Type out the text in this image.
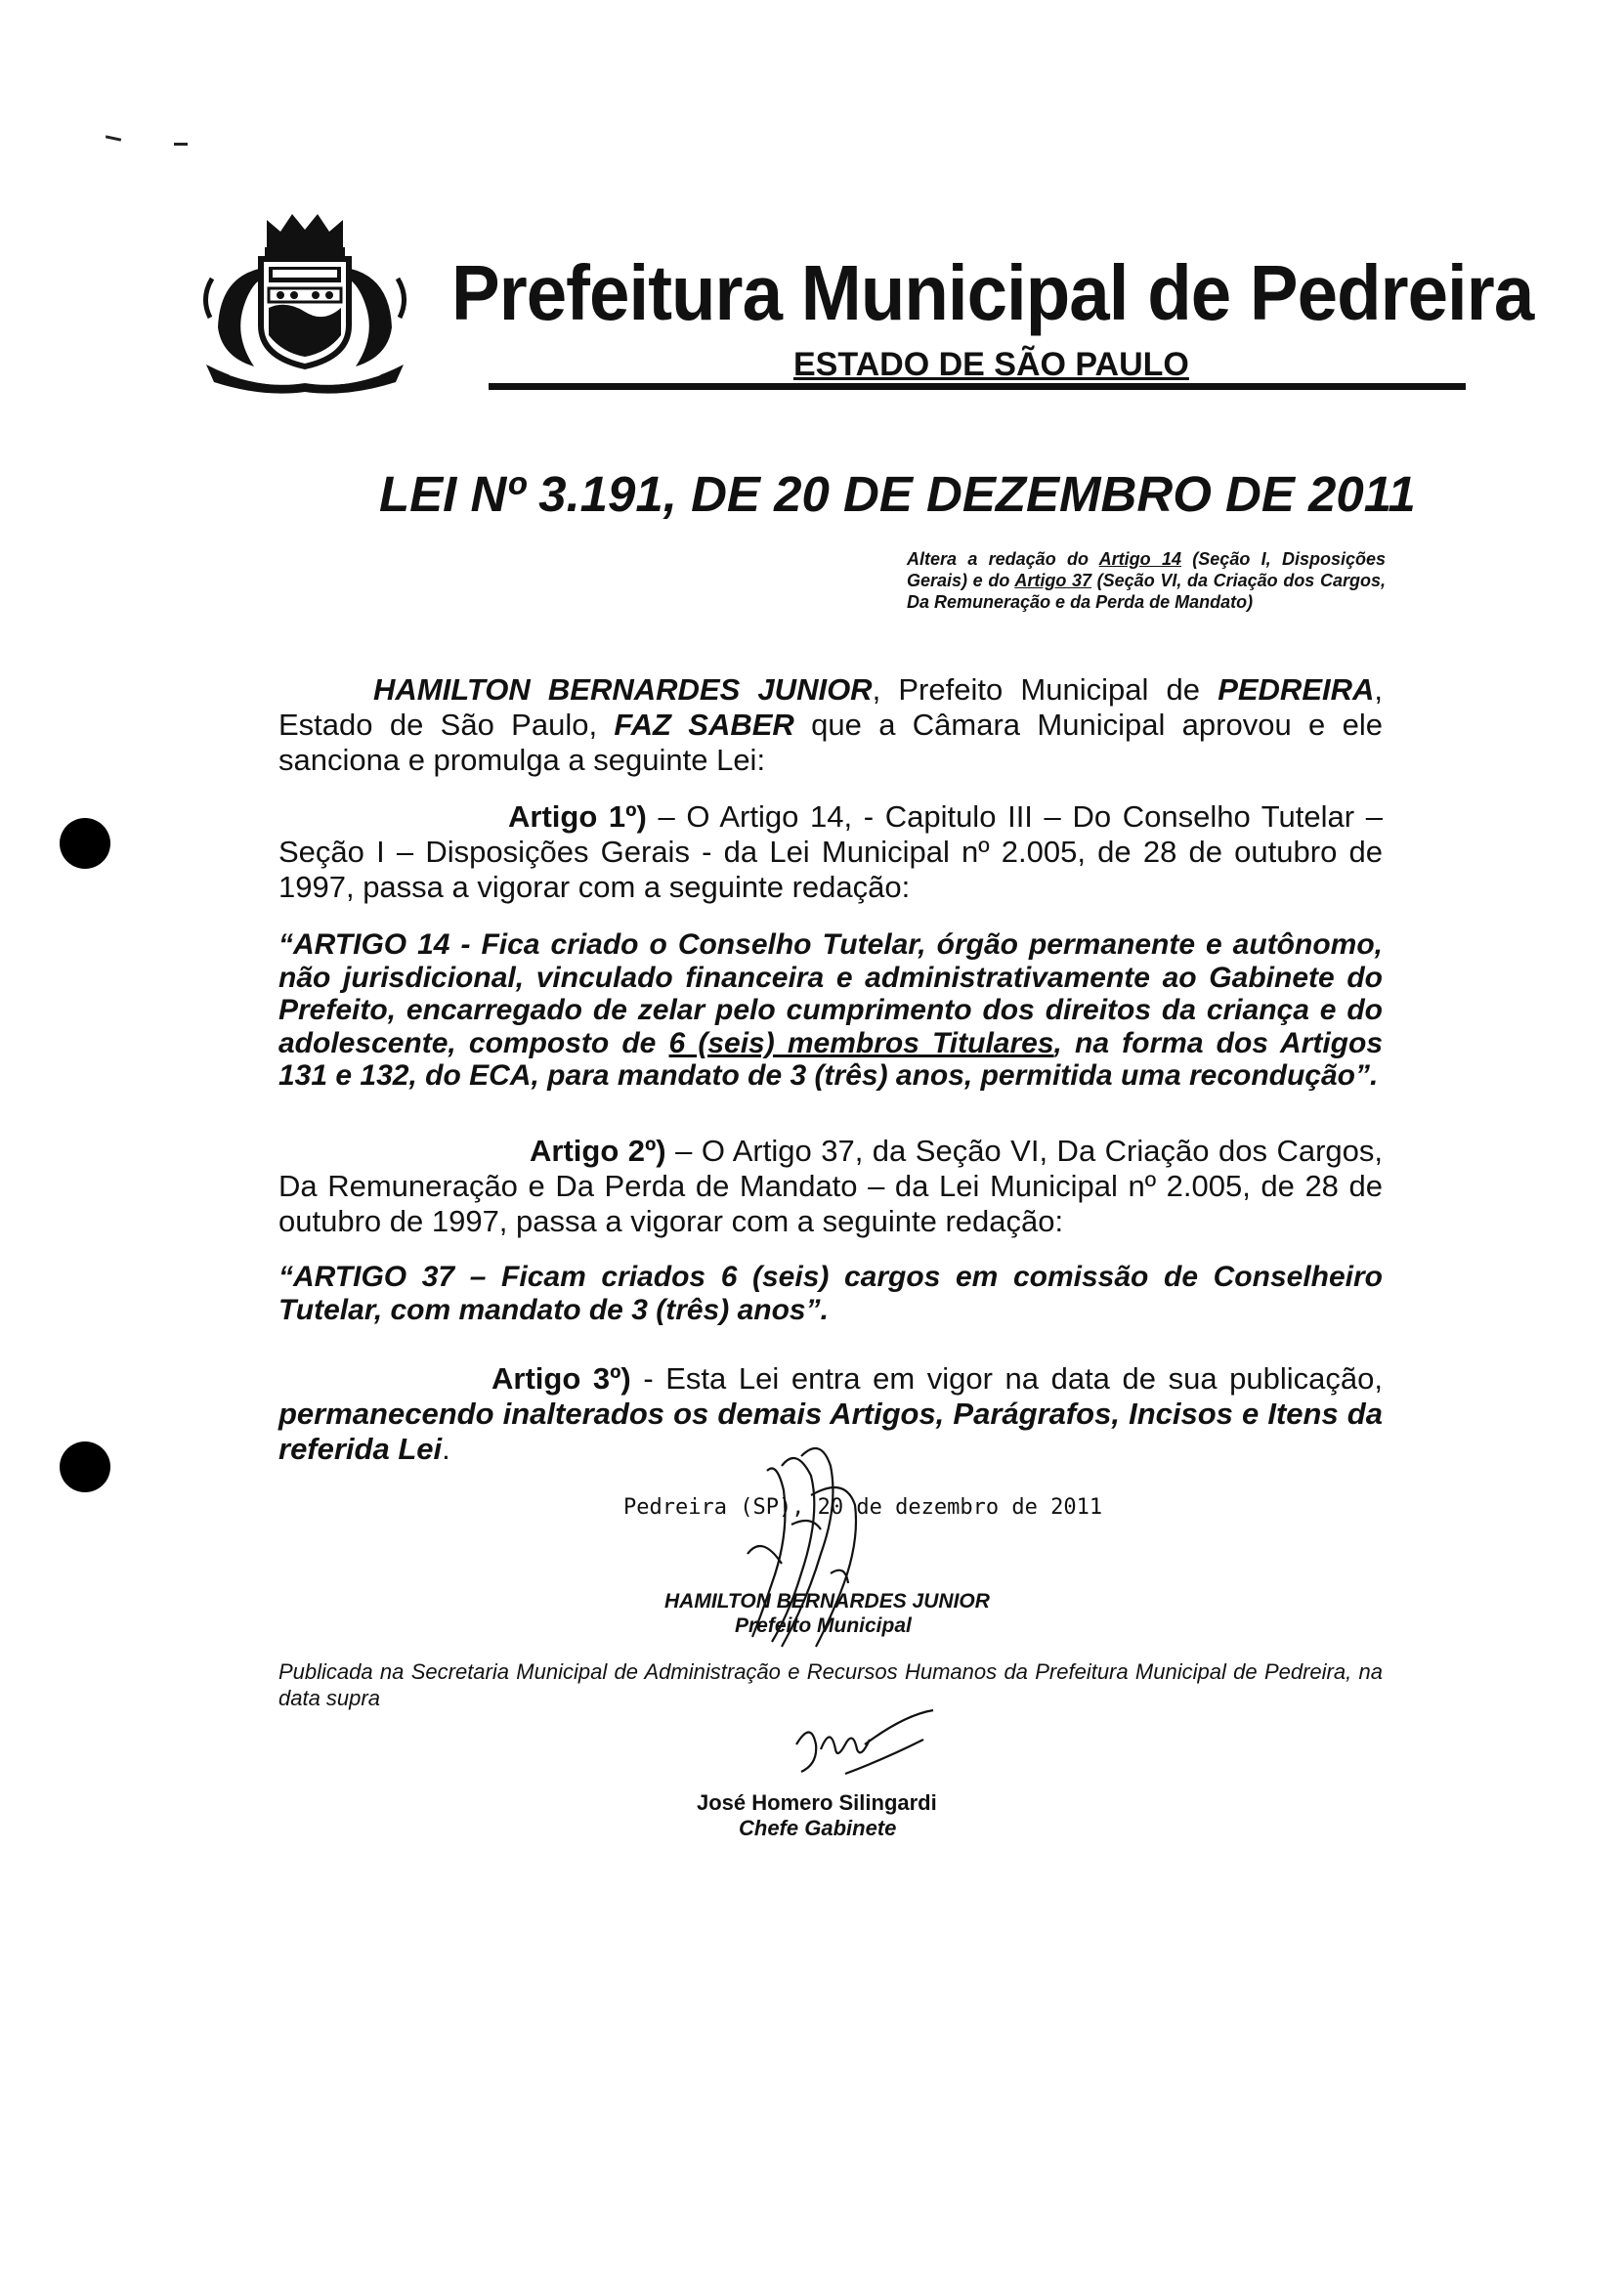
Prefeitura Municipal de Pedreira
ESTADO DE SÃO PAULO
LEI Nº 3.191, DE 20 DE DEZEMBRO DE 2011
Altera a redação do Artigo 14 (Seção I, Disposições Gerais) e do Artigo 37 (Seção VI, da Criação dos Cargos, Da Remuneração e da Perda de Mandato)
HAMILTON BERNARDES JUNIOR, Prefeito Municipal de PEDREIRA, Estado de São Paulo, FAZ SABER que a Câmara Municipal aprovou e ele sanciona e promulga a seguinte Lei:
Artigo 1º) – O Artigo 14, - Capitulo III – Do Conselho Tutelar – Seção I – Disposições Gerais - da Lei Municipal nº 2.005, de 28 de outubro de 1997, passa a vigorar com a seguinte redação:
“ARTIGO 14 - Fica criado o Conselho Tutelar, órgão permanente e autônomo, não jurisdicional, vinculado financeira e administrativamente ao Gabinete do Prefeito, encarregado de zelar pelo cumprimento dos direitos da criança e do adolescente, composto de 6 (seis) membros Titulares, na forma dos Artigos 131 e 132, do ECA, para mandato de 3 (três) anos, permitida uma recondução”.
Artigo 2º) – O Artigo 37, da Seção VI, Da Criação dos Cargos, Da Remuneração e Da Perda de Mandato – da Lei Municipal nº 2.005, de 28 de outubro de 1997, passa a vigorar com a seguinte redação:
“ARTIGO 37 – Ficam criados 6 (seis) cargos em comissão de Conselheiro Tutelar, com mandato de 3 (três) anos”.
Artigo 3º) - Esta Lei entra em vigor na data de sua publicação, permanecendo inalterados os demais Artigos, Parágrafos, Incisos e Itens da referida Lei.
Pedreira (SP), 20 de dezembro de 2011
HAMILTON BERNARDES JUNIOR
Prefeito Municipal
Publicada na Secretaria Municipal de Administração e Recursos Humanos da Prefeitura Municipal de Pedreira, na data supra
José Homero Silingardi
Chefe Gabinete
